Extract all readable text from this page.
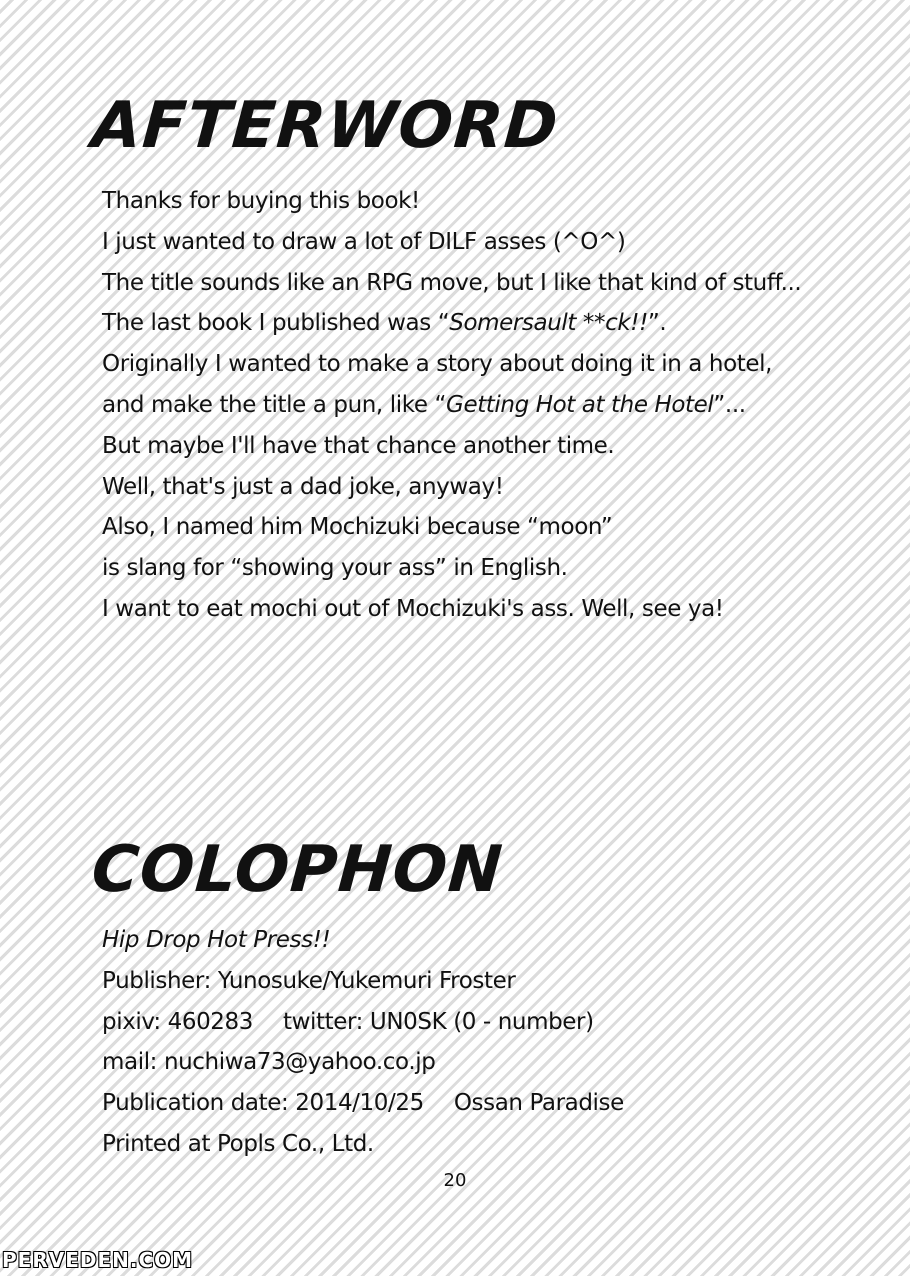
AFTERWORD
Thanks for buying this book!
I just wanted to draw a lot of DILF asses (^O^)
The title sounds like an RPG move, but I like that kind of stuff...
The last book I published was “Somersault **ck!!”.
Originally I wanted to make a story about doing it in a hotel,
and make the title a pun, like “Getting Hot at the Hotel”...
But maybe I'll have that chance another time.
Well, that's just a dad joke, anyway!
Also, I named him Mochizuki because “moon”
is slang for “showing your ass” in English.
I want to eat mochi out of Mochizuki's ass. Well, see ya!
COLOPHON
Hip Drop Hot Press!!
Publisher: Yunosuke/Yukemuri Froster
pixiv: 460283 twitter: UN0SK (0 - number)
mail: nuchiwa73@yahoo.co.jp
Publication date: 2014/10/25 Ossan Paradise
Printed at Popls Co., Ltd.
20
PERVEDEN.COM
